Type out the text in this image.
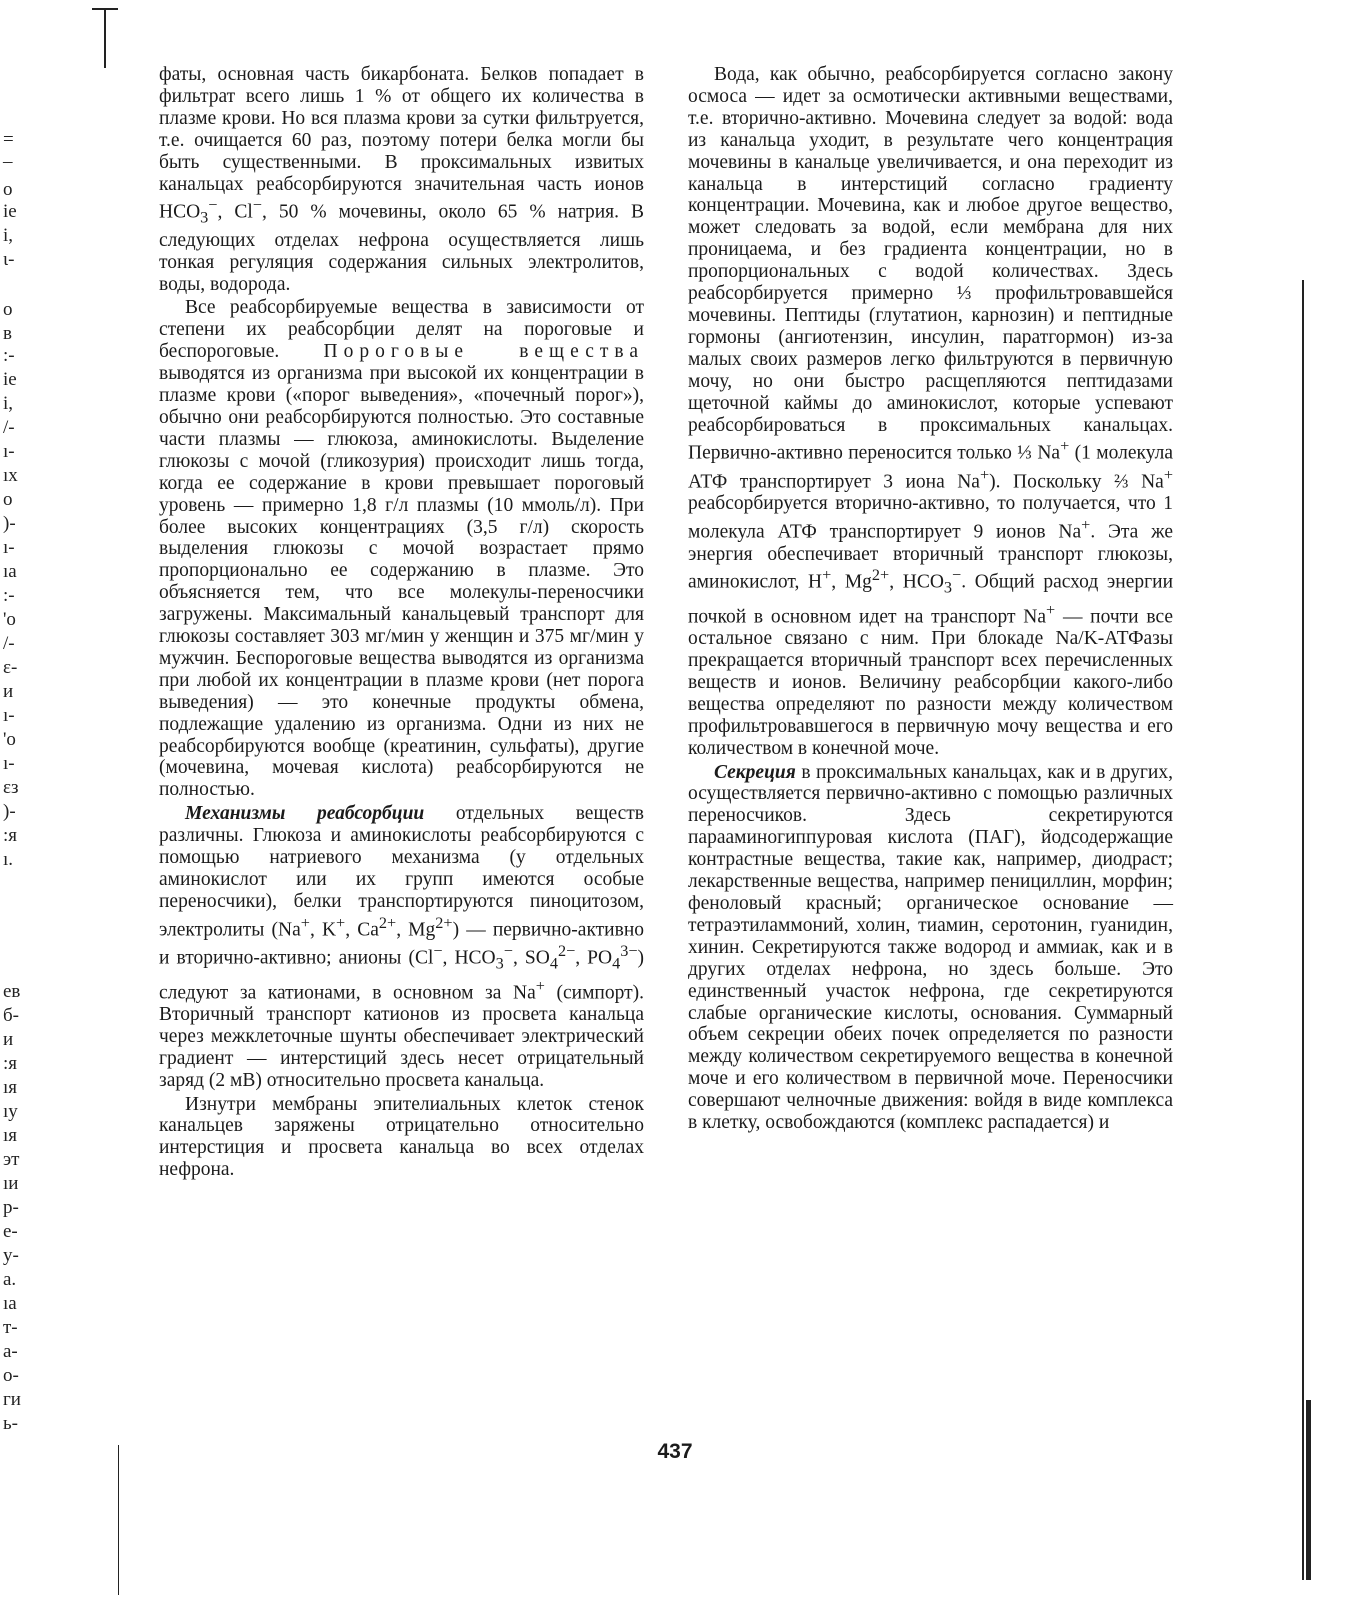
=
–
о
іе
і,
ι-
о
в
:-
іе
і,
/-
ı-
ıх
о
)-
ı-
ıа
:-
'о
/-
ɛ-
и
ı-
'о
ı-
ɛз
)-
:я
ı.
ев
б-
и
:я
ıя
ıу
ıя
эт
ıи
р-
е-
у-
а.
ıа
т-
а-
о-
ги
ь-

фаты, основная часть бикарбоната. Белков попадает в фильтрат всего лишь 1 % от общего их количества в плазме крови. Но вся плазма крови за сутки фильтруется, т.е. очищается 60 раз, поэтому потери белка могли бы быть существенными. В проксимальных извитых канальцах реабсорбируются значительная часть ионов $HCO_3^-$, Cl−, 50 % мочевины, около 65 % натрия. В следующих отделах нефрона осуществляется лишь тонкая регуляция содержания сильных электролитов, воды, водорода.

Все реабсорбируемые вещества в зависимости от степени их реабсорбции делят на пороговые и беспороговые. Пороговые вещества выводятся из организма при высокой их концентрации в плазме крови («порог выведения», «почечный порог»), обычно они реабсорбируются полностью. Это составные части плазмы — глюкоза, аминокислоты. Выделение глюкозы с мочой (гликозурия) происходит лишь тогда, когда ее содержание в крови превышает пороговый уровень — примерно 1,8 г/л плазмы (10 ммоль/л). При более высоких концентрациях (3,5 г/л) скорость выделения глюкозы с мочой возрастает прямо пропорционально ее содержанию в плазме. Это объясняется тем, что все молекулы-переносчики загружены. Максимальный канальцевый транспорт для глюкозы составляет 303 мг/мин у женщин и 375 мг/мин у мужчин. Беспороговые вещества выводятся из организма при любой их концентрации в плазме крови (нет порога выведения) — это конечные продукты обмена, подлежащие удалению из организма. Одни из них не реабсорбируются вообще (креатинин, сульфаты), другие (мочевина, мочевая кислота) реабсорбируются не полностью.

Механизмы реабсорбции отдельных веществ различны. Глюкоза и аминокислоты реабсорбируются с помощью натриевого механизма (у отдельных аминокислот или их групп имеются особые переносчики), белки транспортируются пиноцитозом, электролиты (Na+, K+, $Ca^{2+}$, $Mg^{2+}$) — первично-активно и вторично-активно; анионы (Cl−, $HCO_3^-$, $SO_4^{2-}$, $PO_4^{3-}$) следуют за катионами, в основном за Na+ (симпорт). Вторичный транспорт катионов из просвета канальца через межклеточные шунты обеспечивает электрический градиент — интерстиций здесь несет отрицательный заряд (2 мВ) относительно просвета канальца.

Изнутри мембраны эпителиальных клеток стенок канальцев заряжены отрицательно относительно интерстиция и просвета канальца во всех отделах нефрона.

Вода, как обычно, реабсорбируется согласно закону осмоса — идет за осмотически активными веществами, т.е. вторично-активно. Мочевина следует за водой: вода из канальца уходит, в результате чего концентрация мочевины в канальце увеличивается, и она переходит из канальца в интерстиций согласно градиенту концентрации. Мочевина, как и любое другое вещество, может следовать за водой, если мембрана для них проницаема, и без градиента концентрации, но в пропорциональных с водой количествах. Здесь реабсорбируется примерно ⅓ профильтровавшейся мочевины. Пептиды (глутатион, карнозин) и пептидные гормоны (ангиотензин, инсулин, паратгормон) из-за малых своих размеров легко фильтруются в первичную мочу, но они быстро расщепляются пептидазами щеточной каймы до аминокислот, которые успевают реабсорбироваться в проксимальных канальцах. Первично-активно переносится только ⅓ Na+ (1 молекула АТФ транспортирует 3 иона Na+). Поскольку ⅔ Na+ реабсорбируется вторично-активно, то получается, что 1 молекула АТФ транспортирует 9 ионов Na+. Эта же энергия обеспечивает вторичный транспорт глюкозы, аминокислот, H+, $Mg^{2+}$, $HCO_3^-$. Общий расход энергии почкой в основном идет на транспорт Na+ — почти все остальное связано с ним. При блокаде Na/K-АТФазы прекращается вторичный транспорт всех перечисленных веществ и ионов. Величину реабсорбции какого-либо вещества определяют по разности между количеством профильтровавшегося в первичную мочу вещества и его количеством в конечной моче.

Секреция в проксимальных канальцах, как и в других, осуществляется первично-активно с помощью различных переносчиков. Здесь секретируются парааминогиппуровая кислота (ПАГ), йодсодержащие контрастные вещества, такие как, например, диодраст; лекарственные вещества, например пенициллин, морфин; феноловый красный; органическое основание — тетраэтиламмоний, холин, тиамин, серотонин, гуанидин, хинин. Секретируются также водород и аммиак, как и в других отделах нефрона, но здесь больше. Это единственный участок нефрона, где секретируются слабые органические кислоты, основания. Суммарный объем секреции обеих почек определяется по разности между количеством секретируемого вещества в конечной моче и его количеством в первичной моче. Переносчики совершают челночные движения: войдя в виде комплекса в клетку, освобождаются (комплекс распадается) и

437
